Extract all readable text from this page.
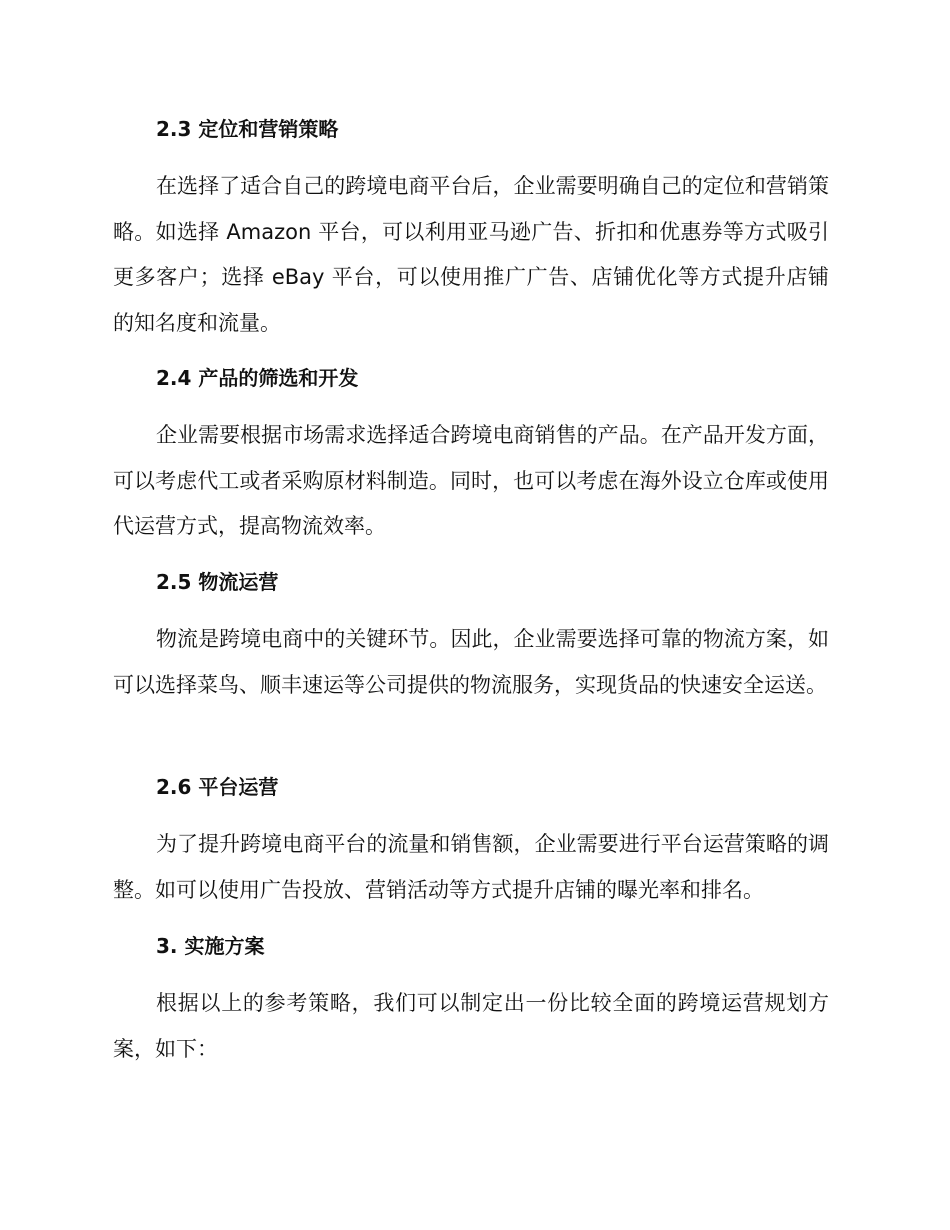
2.3 定位和营销策略

在选择了适合自己的跨境电商平台后，企业需要明确自己的定位和营销策略。如选择 Amazon 平台，可以利用亚马逊广告、折扣和优惠券等方式吸引更多客户；选择 eBay 平台，可以使用推广广告、店铺优化等方式提升店铺的知名度和流量。

2.4 产品的筛选和开发

企业需要根据市场需求选择适合跨境电商销售的产品。在产品开发方面，可以考虑代工或者采购原材料制造。同时，也可以考虑在海外设立仓库或使用代运营方式，提高物流效率。

2.5 物流运营

物流是跨境电商中的关键环节。因此，企业需要选择可靠的物流方案，如可以选择菜鸟、顺丰速运等公司提供的物流服务，实现货品的快速安全运送。

2.6 平台运营

为了提升跨境电商平台的流量和销售额，企业需要进行平台运营策略的调整。如可以使用广告投放、营销活动等方式提升店铺的曝光率和排名。

3. 实施方案

根据以上的参考策略，我们可以制定出一份比较全面的跨境运营规划方案，如下：
